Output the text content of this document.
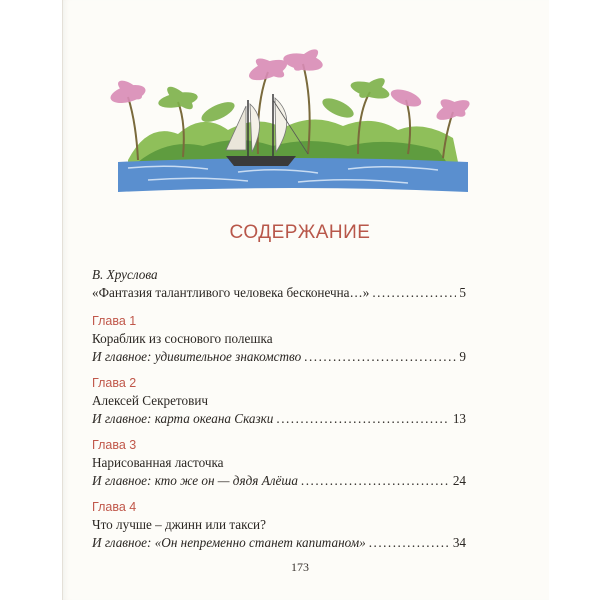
СОДЕРЖАНИЕ
В. Хруслова
«Фантазия талантливого человека бесконечна…» .....	5
Глава 1
Кораблик из соснового полешка
И главное: удивительное знакомство .....	9
Глава 2
Алексей Секретович
И главное: карта океана Сказки .....	13
Глава 3
Нарисованная ласточка
И главное: кто же он — дядя Алёша .....	24
Глава 4
Что лучше – джинн или такси?
И главное: «Он непременно станет капитаном» .....	34
173
